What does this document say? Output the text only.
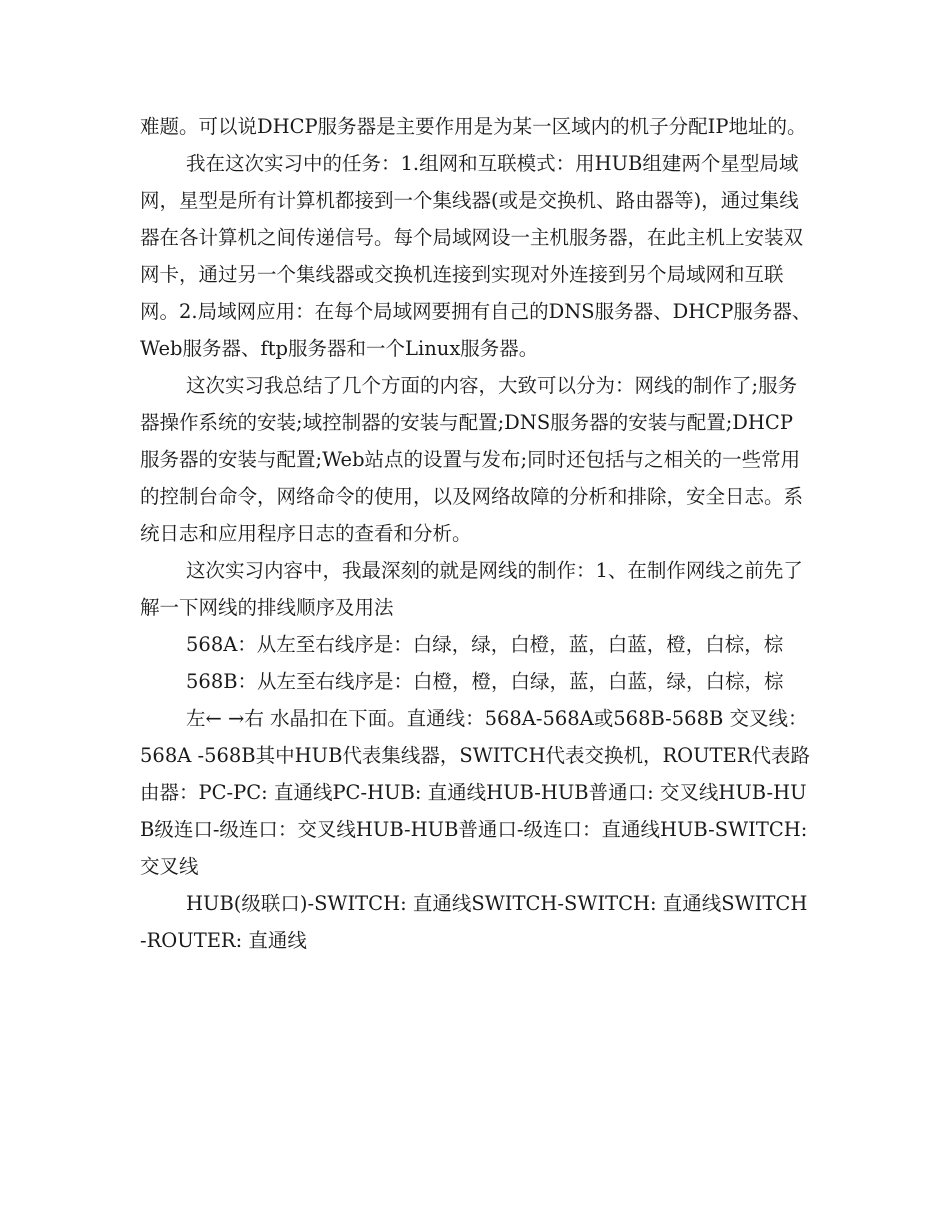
难题。可以说DHCP服务器是主要作用是为某一区域内的机子分配IP地址的。

我在这次实习中的任务：1.组网和互联模式：用HUB组建两个星型局域网，星型是所有计算机都接到一个集线器(或是交换机、路由器等)，通过集线器在各计算机之间传递信号。每个局域网设一主机服务器，在此主机上安装双网卡，通过另一个集线器或交换机连接到实现对外连接到另个局域网和互联网。2.局域网应用：在每个局域网要拥有自己的DNS服务器、DHCP服务器、Web服务器、ftp服务器和一个Linux服务器。

这次实习我总结了几个方面的内容，大致可以分为：网线的制作了;服务器操作系统的安装;域控制器的安装与配置;DNS服务器的安装与配置;DHCP服务器的安装与配置;Web站点的设置与发布;同时还包括与之相关的一些常用的控制台命令，网络命令的使用，以及网络故障的分析和排除，安全日志。系统日志和应用程序日志的查看和分析。

这次实习内容中，我最深刻的就是网线的制作：1、在制作网线之前先了解一下网线的排线顺序及用法

568A：从左至右线序是：白绿，绿，白橙，蓝，白蓝，橙，白棕，棕

568B：从左至右线序是：白橙，橙，白绿，蓝，白蓝，绿，白棕，棕

左← →右 水晶扣在下面。直通线：568A-568A或568B-568B 交叉线：568A -568B其中HUB代表集线器，SWITCH代表交换机，ROUTER代表路由器：PC-PC: 直通线PC-HUB: 直通线HUB-HUB普通口: 交叉线HUB-HUB级连口-级连口：交叉线HUB-HUB普通口-级连口：直通线HUB-SWITCH: 交叉线

HUB(级联口)-SWITCH: 直通线SWITCH-SWITCH: 直通线SWITCH-ROUTER: 直通线
